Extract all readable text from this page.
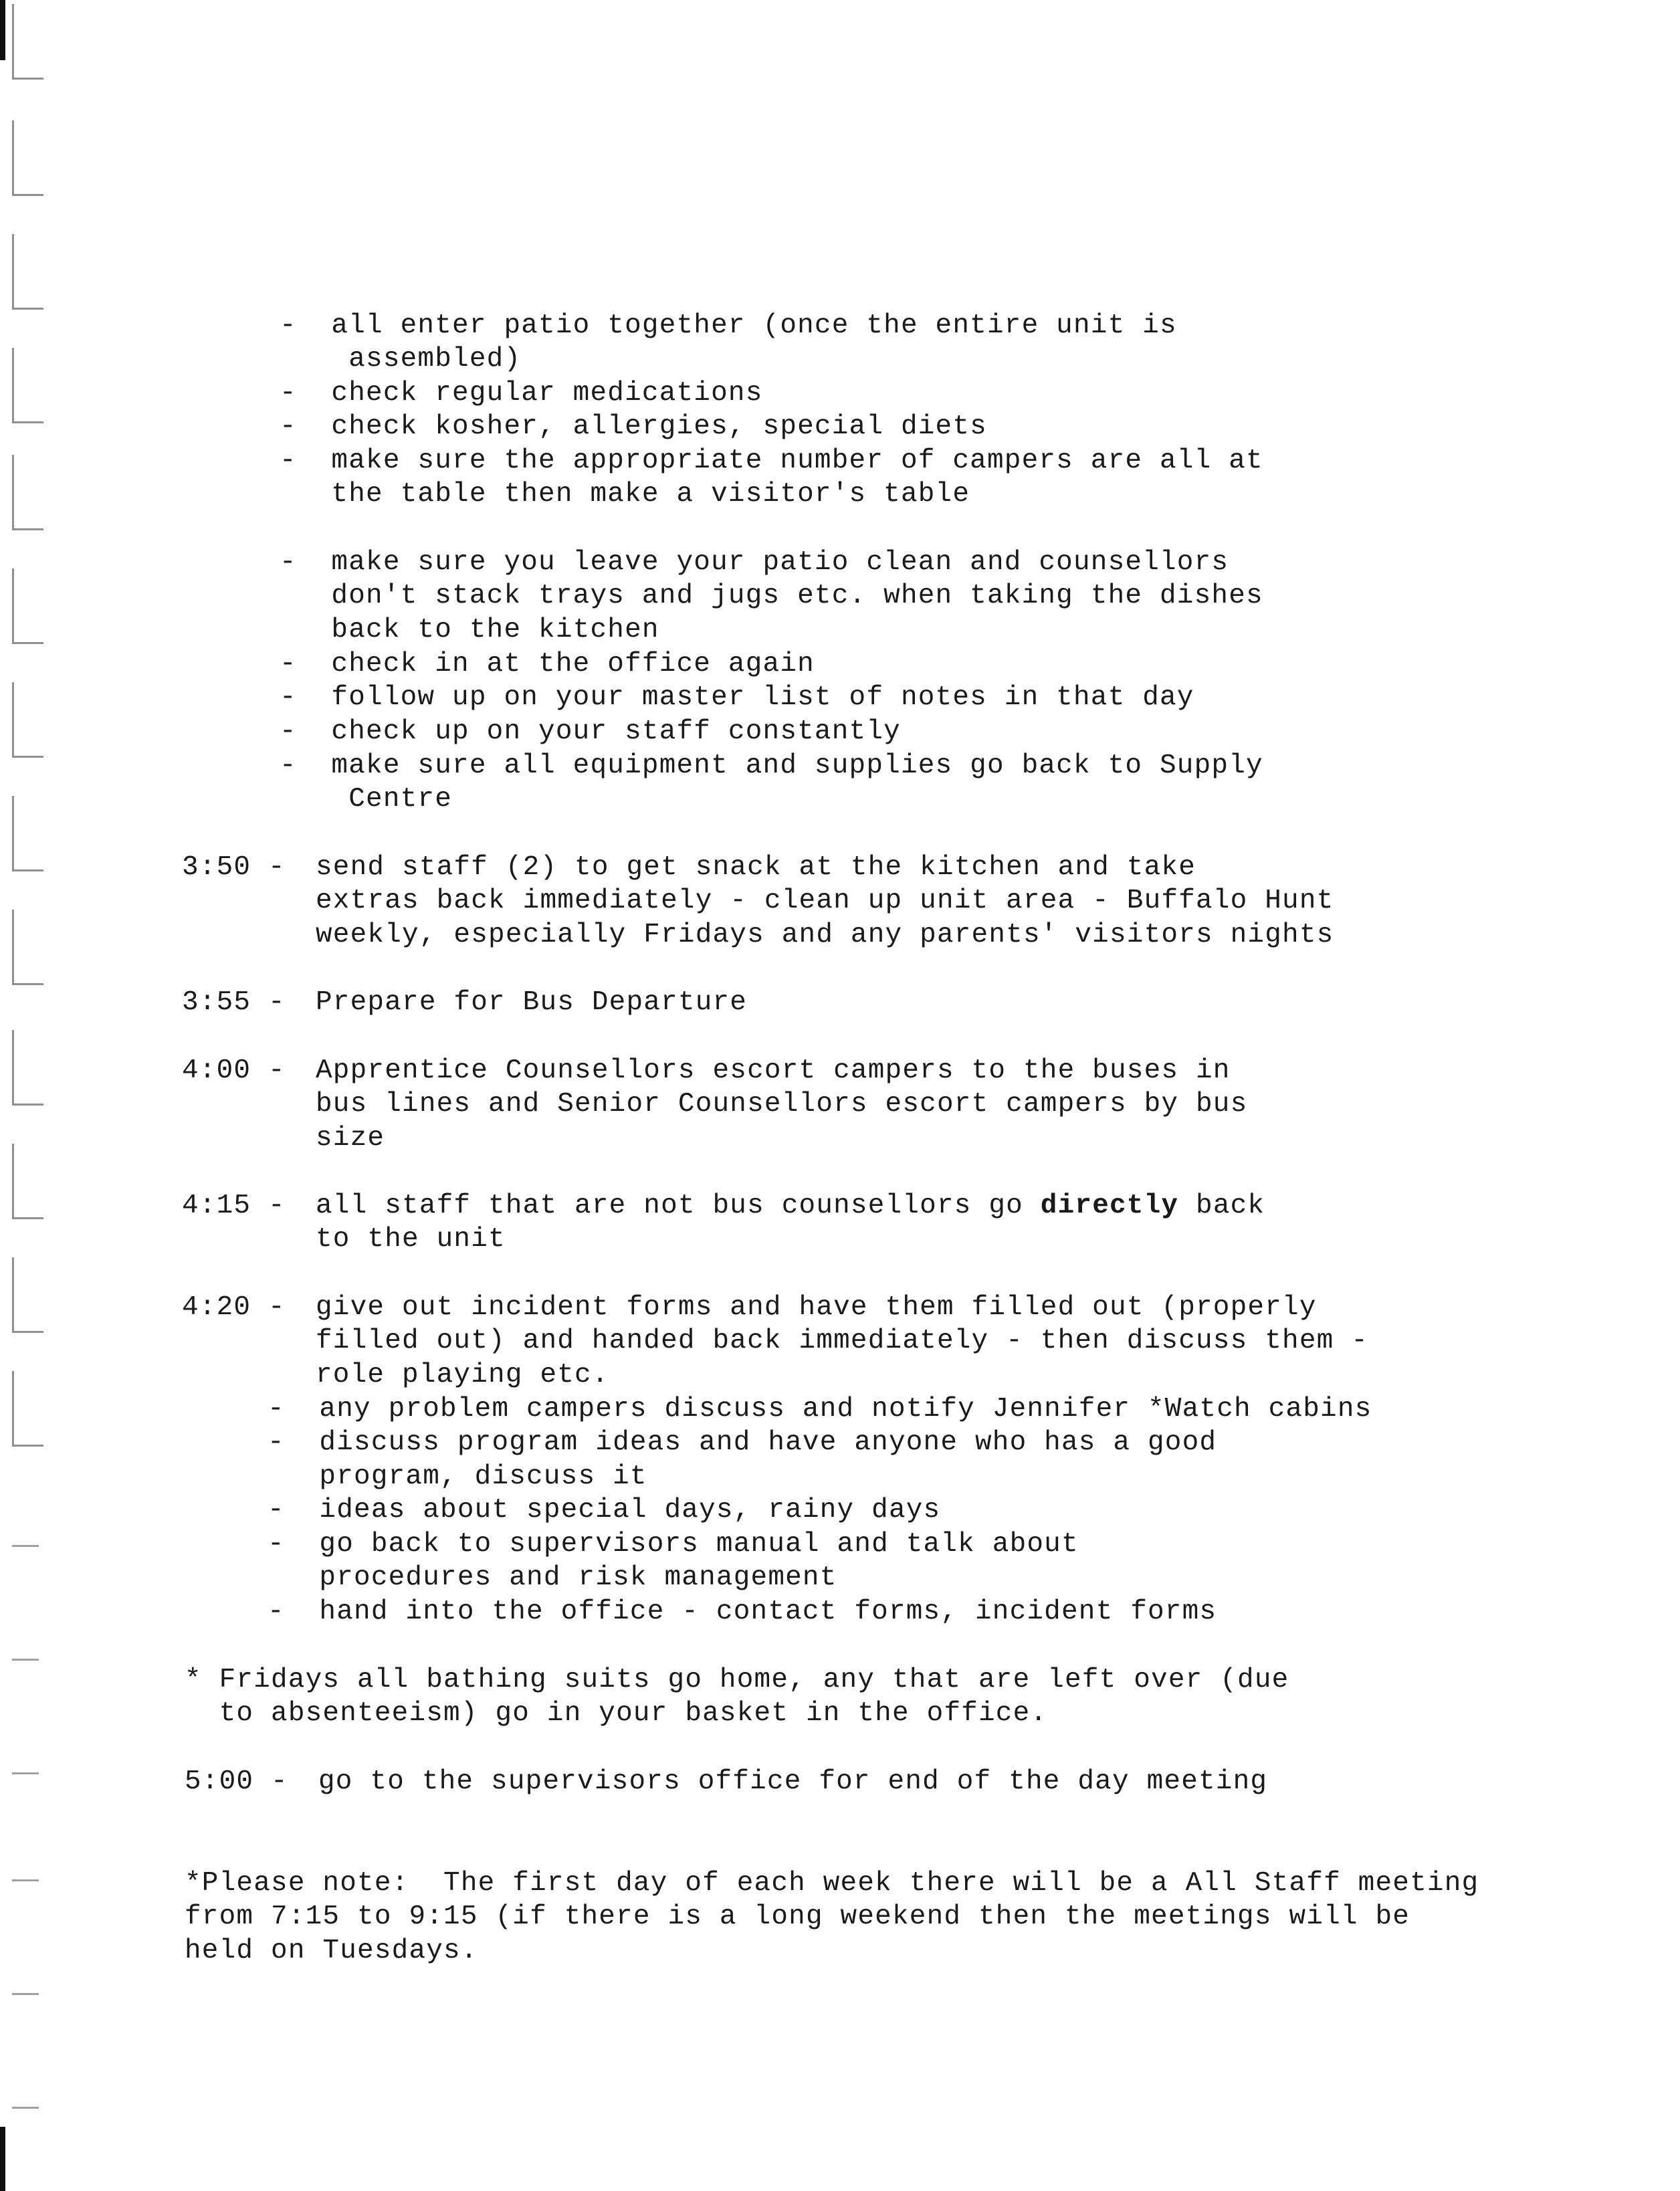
-  all enter patio together (once the entire unit is

assembled)

-  check regular medications

-  check kosher, allergies, special diets

-  make sure the appropriate number of campers are all at

the table then make a visitor's table

-  make sure you leave your patio clean and counsellors

don't stack trays and jugs etc. when taking the dishes

back to the kitchen

-  check in at the office again

-  follow up on your master list of notes in that day

-  check up on your staff constantly

-  make sure all equipment and supplies go back to Supply

Centre

3:50 - send staff (2) to get snack at the kitchen and take

extras back immediately - clean up unit area - Buffalo Hunt

weekly, especially Fridays and any parents' visitors nights

3:55 - Prepare for Bus Departure

4:00 - Apprentice Counsellors escort campers to the buses in

bus lines and Senior Counsellors escort campers by bus

size

4:15 - all staff that are not bus counsellors go directly back

to the unit

4:20 - give out incident forms and have them filled out (properly

filled out) and handed back immediately - then discuss them -

role playing etc.

-  any problem campers discuss and notify Jennifer *Watch cabins

-  discuss program ideas and have anyone who has a good

program, discuss it

-  ideas about special days, rainy days

-  go back to supervisors manual and talk about

procedures and risk management

-  hand into the office - contact forms, incident forms

* Fridays all bathing suits go home, any that are left over (due

to absenteeism) go in your basket in the office.

5:00 - go to the supervisors office for end of the day meeting

*Please note:  The first day of each week there will be a All Staff meeting

from 7:15 to 9:15 (if there is a long weekend then the meetings will be

held on Tuesdays.
